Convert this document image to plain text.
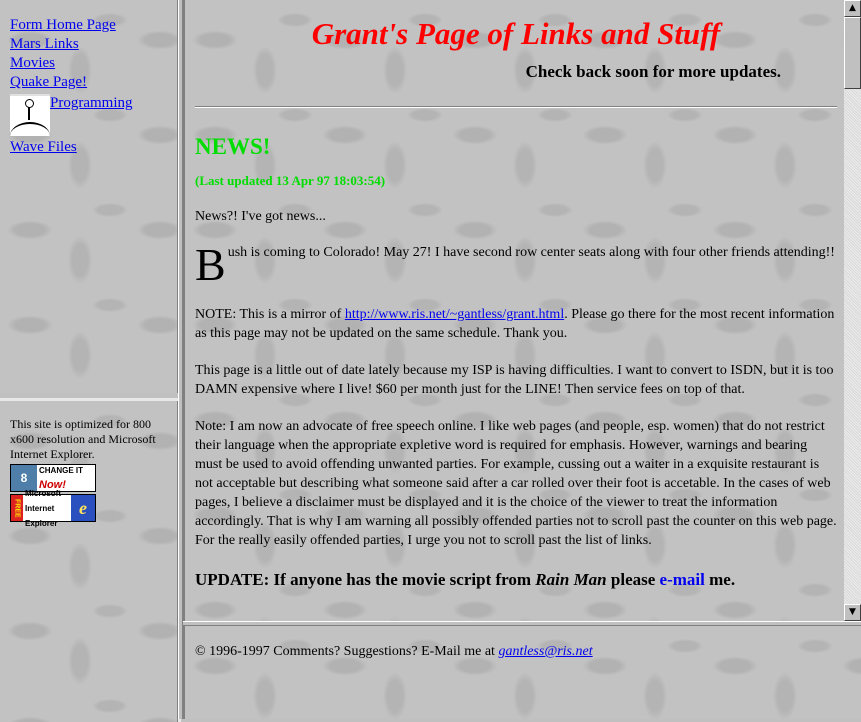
Form Home Page
Mars Links
Movies
Quake Page!
Programming
Wave Files
This site is optimized for 800 x600 resolution and Microsoft Internet Explorer.
8	CHANGE IT
Now!
FREE
Microsoft
Internet
Explorer
e
Grant's Page of Links and Stuff
Check back soon for more updates.
NEWS!
(Last updated 13 Apr 97 18:03:54)

News?! I've got news...

B ush is coming to Colorado! May 27! I have second row center seats along with four other friends attending!!

NOTE: This is a mirror of http://www.ris.net/~gantless/grant.html. Please go there for the most recent information as this page may not be updated on the same schedule. Thank you.

This page is a little out of date lately because my ISP is having difficulties. I want to convert to ISDN, but it is too DAMN expensive where I live! $60 per month just for the LINE! Then service fees on top of that.

Note: I am now an advocate of free speech online. I like web pages (and people, esp. women) that do not restrict their language when the appropriate expletive word is required for emphasis. However, warnings and bearing must be used to avoid offending unwanted parties. For example, cussing out a waiter in a exquisite restaurant is not acceptable but describing what someone said after a car rolled over their foot is accetable. In the cases of web pages, I believe a disclaimer must be displayed and it is the choice of the viewer to treat the information accordingly. That is why I am warning all possibly offended parties not to scroll past the counter on this web page. For the really easily offended parties, I urge you not to scroll past the list of links.

UPDATE: If anyone has the movie script from Rain Man please e-mail me.
▲
▼
© 1996-1997 Comments? Suggestions? E-Mail me at gantless@ris.net
